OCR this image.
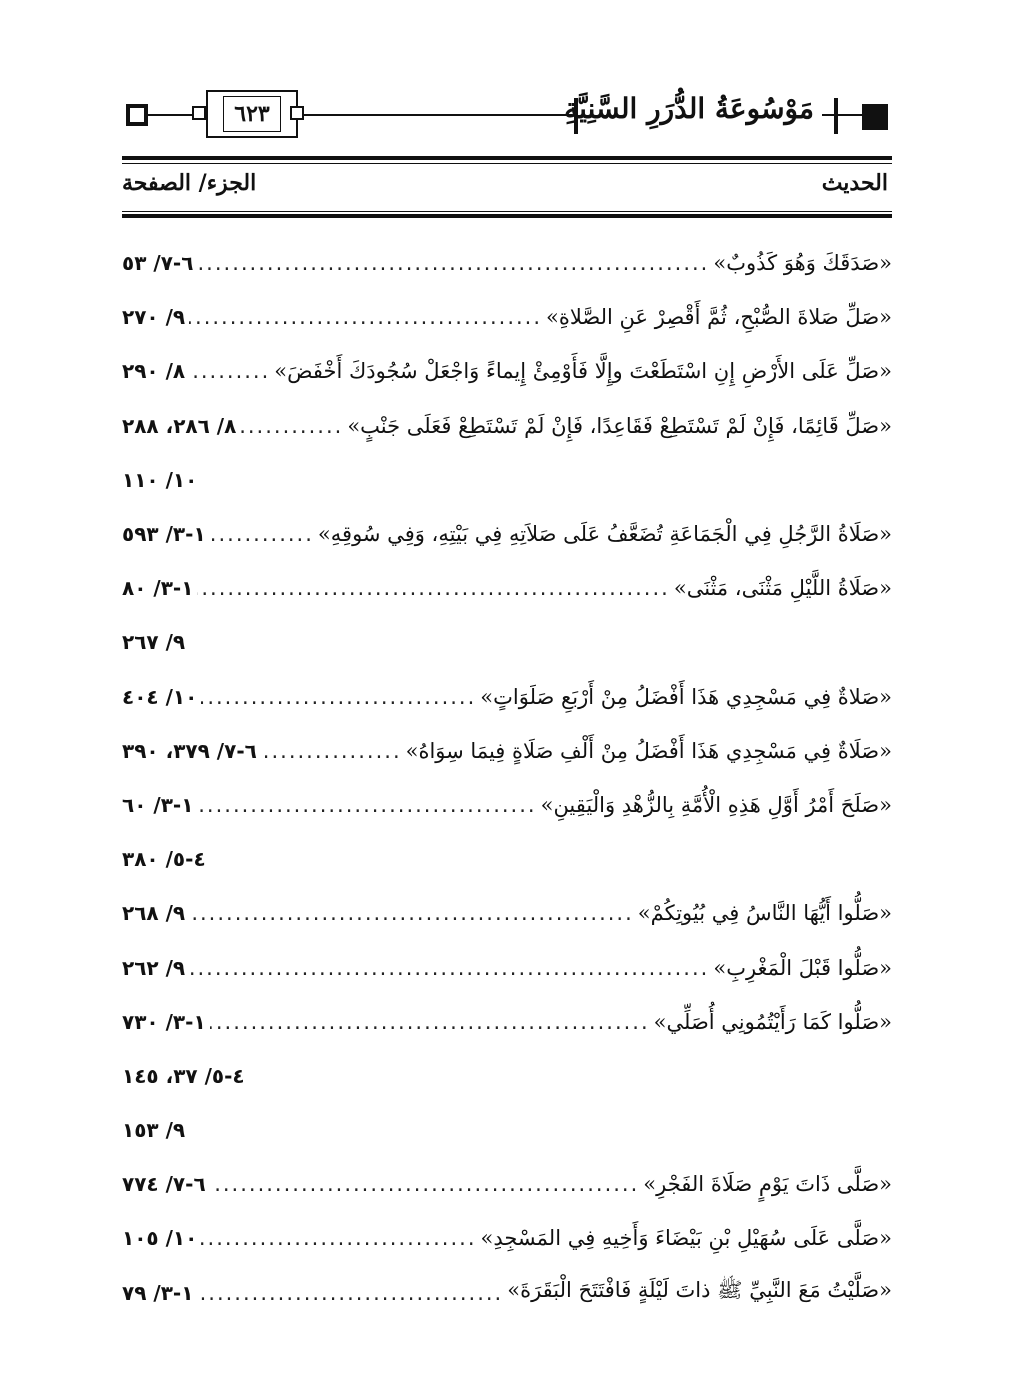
٦٢٣	مَوْسُوعَةُ الدُّرَرِ السَّنِيَّةِ
الحديث
الجزء/ الصفحة
«صَدَقَكَ وَهُوَ كَذُوبٌ»
.....
٦-٧/ ٥٣
«صَلِّ صَلاةَ الصُّبْحِ، ثُمَّ أَقْصِرْ عَنِ الصَّلاةِ»
.....
٩/ ٢٧٠
«صَلِّ عَلَى الأَرْضِ إِنِ اسْتَطَعْتَ وإِلَّا فَأَوْمِئْ إِيماءً وَاجْعَلْ سُجُودَكَ أَخْفَضَ»
.....
٨/ ٢٩٠
«صَلِّ قَائِمًا، فَإِنْ لَمْ تَسْتَطِعْ فَقَاعِدًا، فَإِنْ لَمْ تَسْتَطِعْ فَعَلَى جَنْبٍ»
.....
٨/ ٢٨٦، ٢٨٨
١٠/ ١١٠
«صَلَاةُ الرَّجُلِ فِي الْجَمَاعَةِ تُضَعَّفُ عَلَى صَلاَتِهِ فِي بَيْتِهِ، وَفِي سُوقِهِ»
.....
١-٣/ ٥٩٣
«صَلَاةُ اللَّيْلِ مَثْنَى، مَثْنَى»
.....
١-٣/ ٨٠
٩/ ٢٦٧
«صَلاةٌ فِي مَسْجِدِي هَذَا أَفْضَلُ مِنْ أَرْبَعِ صَلَوَاتٍ»
.....
١٠/ ٤٠٤
«صَلَاةٌ فِي مَسْجِدِي هَذَا أَفْضَلُ مِنْ أَلْفِ صَلَاةٍ فِيمَا سِوَاهُ»
.....
٦-٧/ ٣٧٩، ٣٩٠
«صَلَحَ أَمْرُ أَوَّلِ هَذِهِ الْأُمَّةِ بِالزُّهْدِ وَالْيَقِينِ»
.....
١-٣/ ٦٠
٤-٥/ ٣٨٠
«صَلُّوا أَيُّهَا النَّاسُ فِي بُيُوتِكُمْ»
.....
٩/ ٢٦٨
«صَلُّوا قَبْلَ الْمَغْرِبِ»
.....
٩/ ٢٦٢
«صَلُّوا كَمَا رَأَيْتُمُونِي أُصَلِّي»
.....
١-٣/ ٧٣٠
٤-٥/ ٣٧، ١٤٥
٩/ ١٥٣
«صَلَّى ذَاتَ يَوْمٍ صَلَاةَ الفَجْرِ»
.....
٦-٧/ ٧٧٤
«صَلَّى عَلَى سُهَيْلِ بْنِ بَيْضَاءَ وَأَخِيهِ فِي المَسْجِدِ»
.....
١٠/ ١٠٥
«صَلَّيْتُ مَعَ النَّبِيِّ ﷺ ذاتَ لَيْلَةٍ فَافْتَتَحَ الْبَقَرَةَ»
.....
١-٣/ ٧٩
